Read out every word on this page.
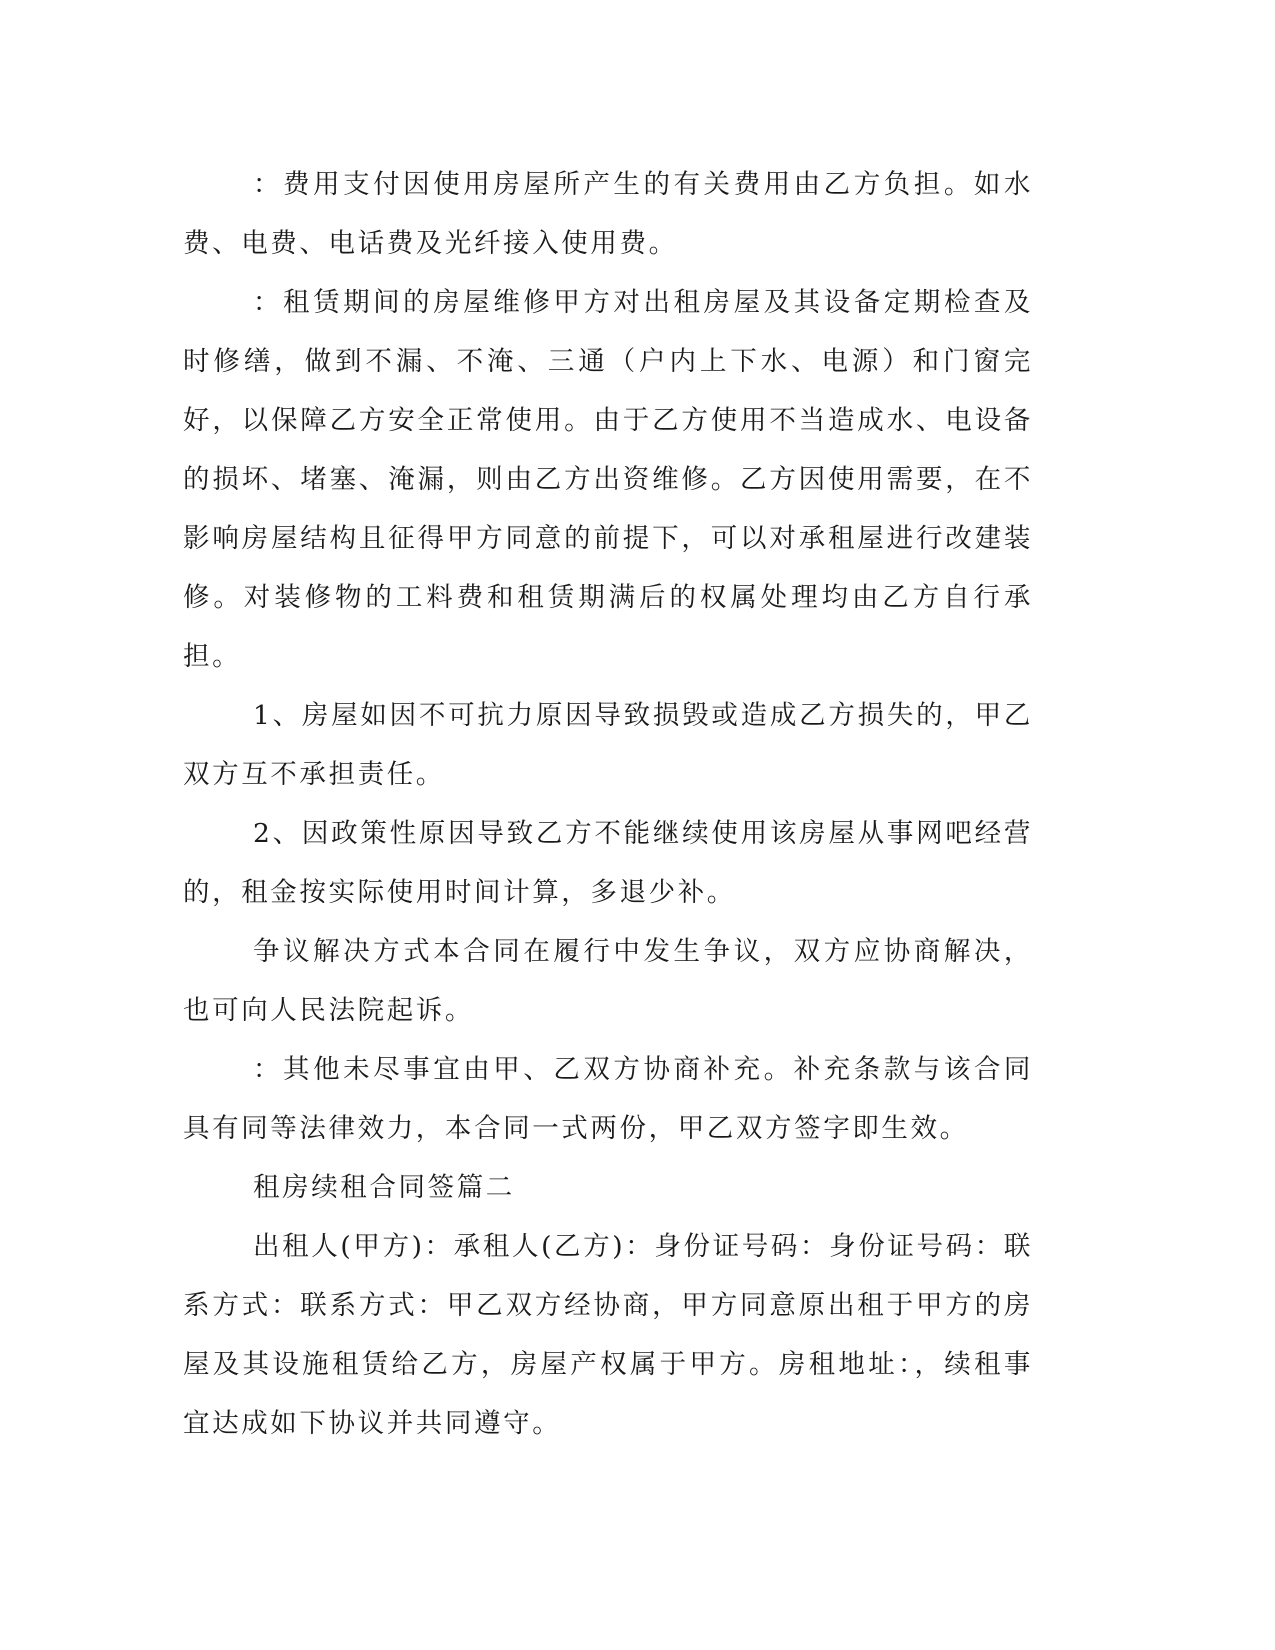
：费用支付因使用房屋所产生的有关费用由乙方负担。如水费、电费、电话费及光纤接入使用费。

：租赁期间的房屋维修甲方对出租房屋及其设备定期检查及时修缮，做到不漏、不淹、三通（户内上下水、电源）和门窗完好，以保障乙方安全正常使用。由于乙方使用不当造成水、电设备的损坏、堵塞、淹漏，则由乙方出资维修。乙方因使用需要，在不影响房屋结构且征得甲方同意的前提下，可以对承租屋进行改建装修。对装修物的工料费和租赁期满后的权属处理均由乙方自行承担。

1、房屋如因不可抗力原因导致损毁或造成乙方损失的，甲乙双方互不承担责任。

2、因政策性原因导致乙方不能继续使用该房屋从事网吧经营的，租金按实际使用时间计算，多退少补。

争议解决方式本合同在履行中发生争议，双方应协商解决，也可向人民法院起诉。

：其他未尽事宜由甲、乙双方协商补充。补充条款与该合同具有同等法律效力，本合同一式两份，甲乙双方签字即生效。

租房续租合同签篇二

出租人(甲方)：承租人(乙方)：身份证号码：身份证号码：联系方式：联系方式：甲乙双方经协商，甲方同意原出租于甲方的房屋及其设施租赁给乙方，房屋产权属于甲方。房租地址：，续租事宜达成如下协议并共同遵守。
